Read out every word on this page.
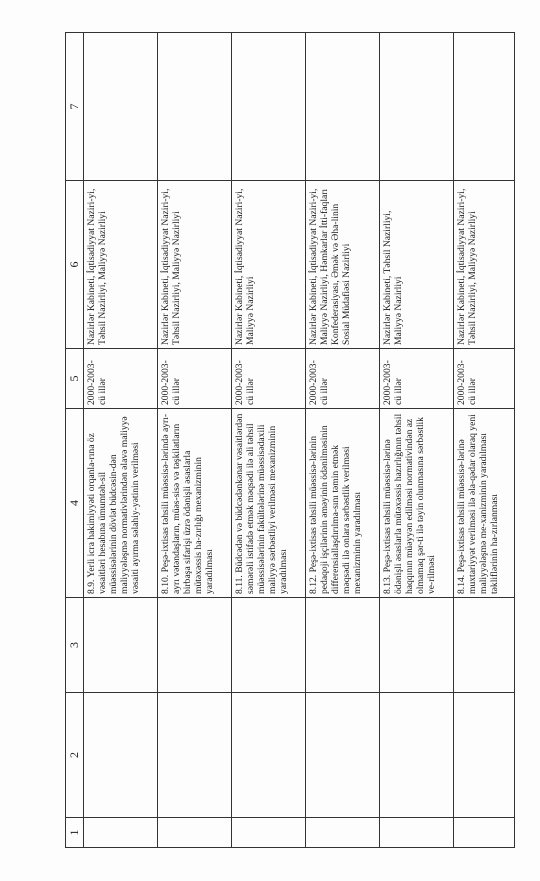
1	2	3	4	5	6	7
			8.9. Yerli icra hakimiyyəti orqanla-rına öz vəsaitləri hesabına ümumtəh-sil müəssisələrinin dövlət büdcəsin-dən maliyyələşmə normativlərindən əlavə maliyyə vəsaiti ayırma səlahiy-yətinin verilməsi	2000-2003-cü illər	Nazirlər Kabineti, İqtisadiyyat Naziri-yi, Təhsil Nazirliyi, Maliyyə Nazirliyi	
			8.10. Peşə-ixtisas təhsili müəssisə-lərində ayrı-ayrı vətəndaşların, müəs-sisə və təşkilatların birbaşa sifarişi üzrə ödənişli əsaslarla mütəxəssis ha-zırlığı mexanizminin yaradılması	2000-2003-cü illər	Nazirlər Kabineti, İqtisadiyyat Naziri-yi, Təhsil Nazirliyi, Maliyyə Nazirliyi	
			8.11. Büdcədən və büdcədənkənar vəsaitlərdən səmərəli istifadə etmək məqsədi ilə ali təhsil müəssisələrinin fakültələrinə müəssisədaxili maliyyə sərbəstliyi verilməsi mexanizminin yaradılması	2000-2003-cü illər	Nazirlər Kabineti, İqtisadiyyat Naziri-yi, Maliyyə Nazirliyi	
			8.12. Peşə-ixtisas təhsili müəssisə-lərinin pedaqoji işçilərinin əməyinin ödənilməsinin differensiallaşdırılma-sını təmin etmək məqsədi ilə onlara sərbəstlik verilməsi mexanizminin yaradılması	2000-2003-cü illər	Nazirlər Kabineti, İqtisadiyyat Naziri-yi, Maliyyə Nazirliyi, Həmkarlar İtti-faqları Konfederasiyası, Əmək və Əha-linin Sosial Müdafiəsi Nazirliyi	
			8.13. Peşə-ixtisas təhsili müəssisə-lərinə ödənişli əsaslarla mütəxəssis hazırlığının təhsil haqqının müəyyən edilməsi normativindən az olmamaq şər-ti ilə təyin olunmasına sərbəstlik ve-rilməsi	2000-2003-cü illər	Nazirlər Kabineti, Təhsil Nazirliyi, Maliyyə Nazirliyi	
			8.14. Peşə-ixtisas təhsili müəssisə-lərinə muxtariyyət verilməsi ilə əla-qədar olaraq yeni maliyyələşmə me-xanizminin yaradılması təkliflərinin ha-zırlanması	2000-2003-cü illər	Nazirlər Kabineti, İqtisadiyyat Naziri-yi, Təhsil Nazirliyi, Maliyyə Nazirliyi	
